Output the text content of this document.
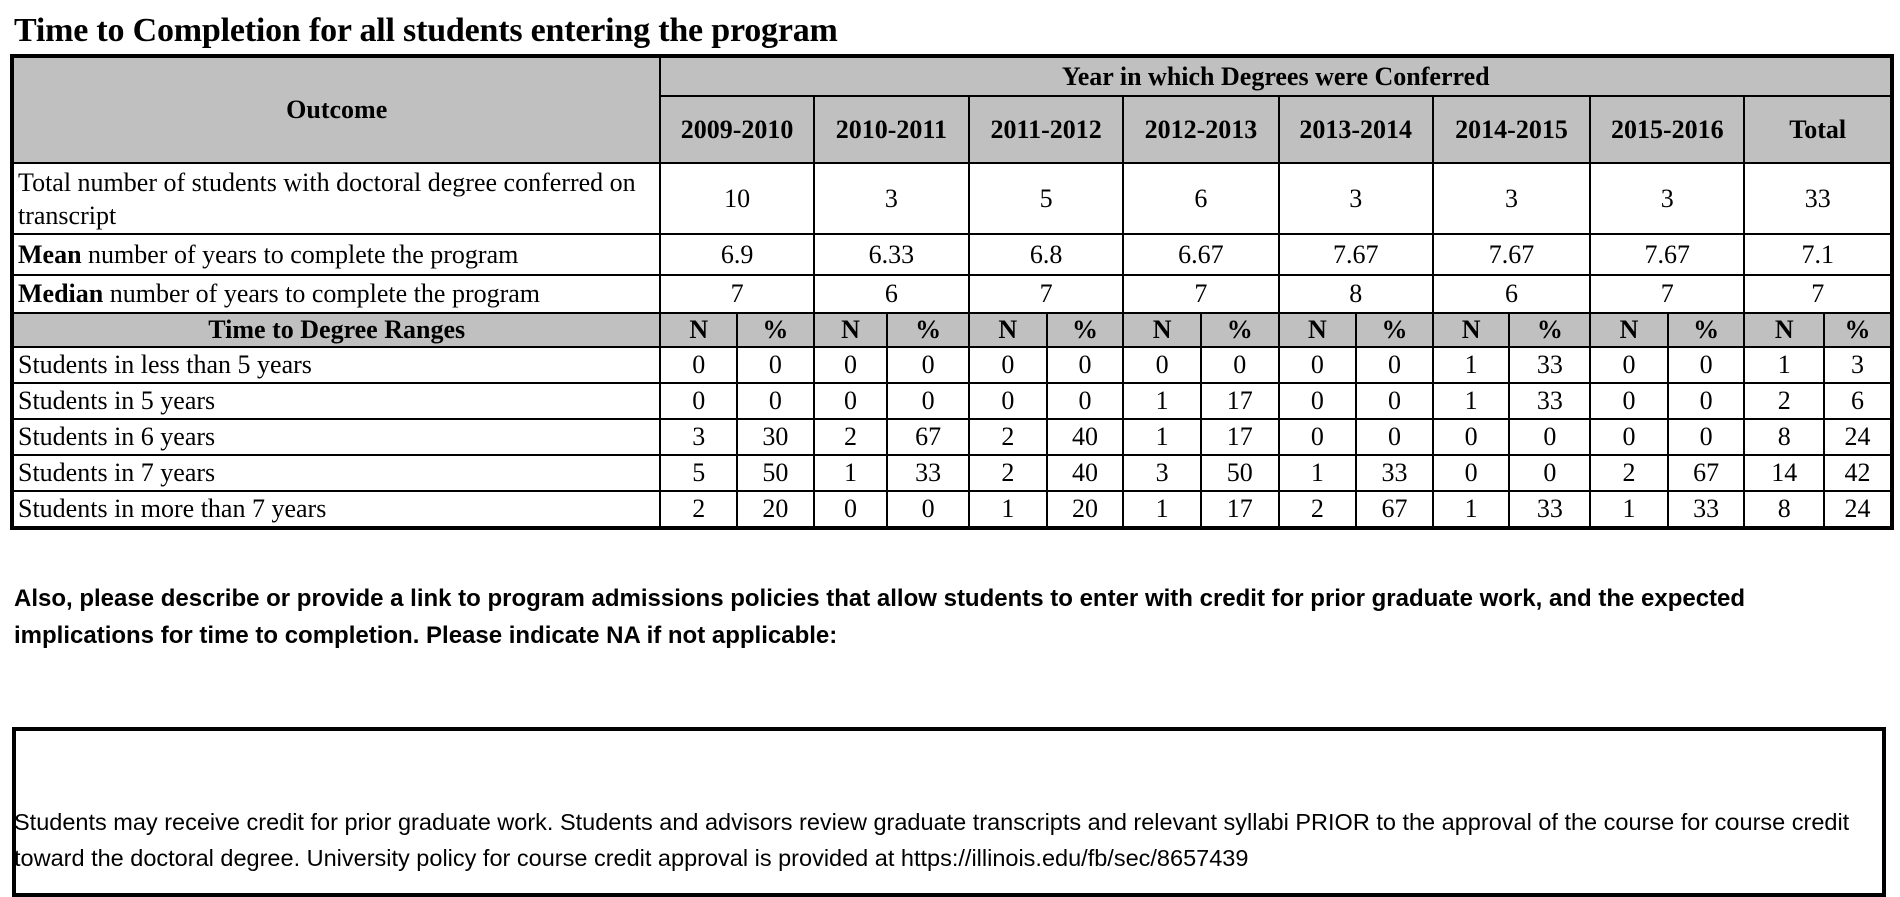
Time to Completion for all students entering the program
Outcome	Year in which Degrees were Conferred															
	2009-2010		2010-2011		2011-2012		2012-2013		2013-2014		2014-2015		2015-2016		Total	
Total number of students with doctoral degree conferred on transcript	10		3		5		6		3		3		3		33	
Mean number of years to complete the program	6.9		6.33		6.8		6.67		7.67		7.67		7.67		7.1	
Median number of years to complete the program	7		6		7		7		8		6		7		7	
Time to Degree Ranges	N	%	N	%	N	%	N	%	N	%	N	%	N	%	N	%
Students in less than 5 years	0	0	0	0	0	0	0	0	0	0	1	33	0	0	1	3
Students in 5 years	0	0	0	0	0	0	1	17	0	0	1	33	0	0	2	6
Students in 6 years	3	30	2	67	2	40	1	17	0	0	0	0	0	0	8	24
Students in 7 years	5	50	1	33	2	40	3	50	1	33	0	0	2	67	14	42
Students in more than 7 years	2	20	0	0	1	20	1	17	2	67	1	33	1	33	8	24
Also, please describe or provide a link to program admissions policies that allow students to enter with credit for prior graduate work, and the expected implications for time to completion. Please indicate NA if not applicable:
Students may receive credit for prior graduate work. Students and advisors review graduate transcripts and relevant syllabi PRIOR to the approval of the course for course credit toward the doctoral degree. University policy for course credit approval is provided at https://illinois.edu/fb/sec/8657439
